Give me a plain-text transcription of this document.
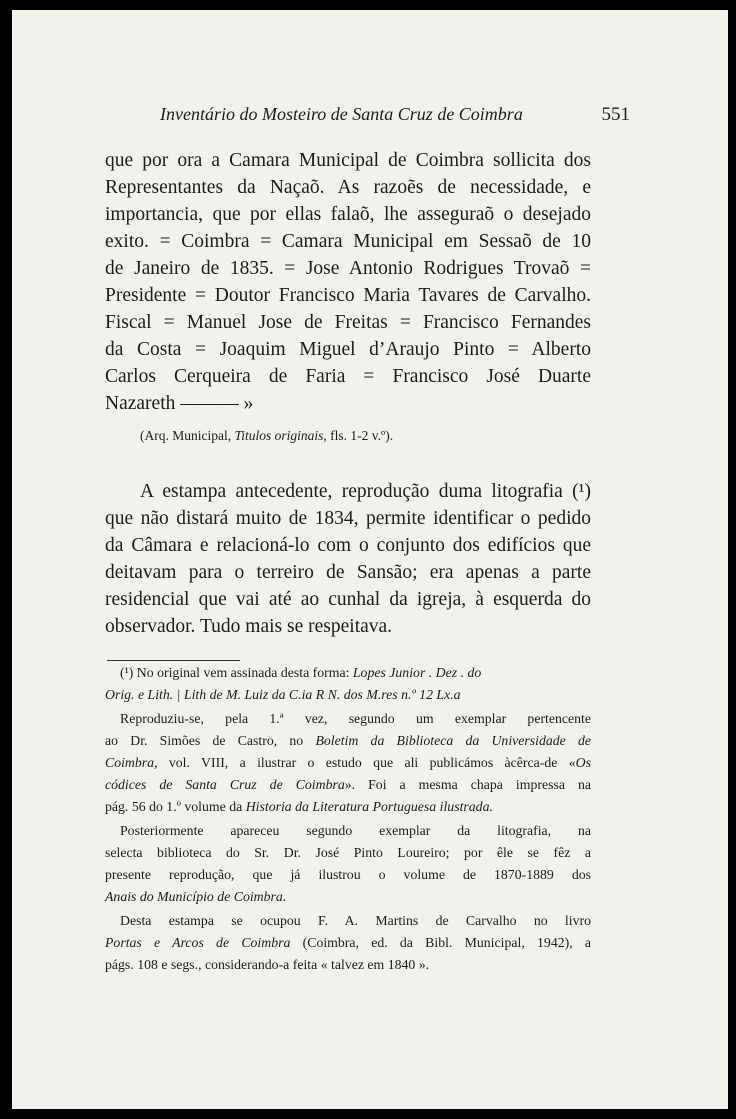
Inventário do Mosteiro de Santa Cruz de Coimbra	551
que por ora a Camara Municipal de Coimbra sollicita dos
Representantes da Naçaõ. As razoẽs de necessidade, e
importancia, que por ellas falaõ, lhe asseguraõ o desejado
exito. = Coimbra = Camara Municipal em Sessaõ de 10
de Janeiro de 1835. = Jose Antonio Rodrigues Trovaõ =
Presidente = Doutor Francisco Maria Tavares de Carvalho.
Fiscal = Manuel Jose de Freitas = Francisco Fernandes
da Costa = Joaquim Miguel d’Araujo Pinto = Alberto
Carlos Cerqueira de Faria = Francisco José Duarte
Nazareth ——— »
(Arq. Municipal, Titulos originais, fls. 1-2 v.º).
A estampa antecedente, reprodução duma litografia (¹)
que não distará muito de 1834, permite identificar o pedido
da Câmara e relacioná-lo com o conjunto dos edifícios que
deitavam para o terreiro de Sansão; era apenas a parte
residencial que vai até ao cunhal da igreja, à esquerda do
observador. Tudo mais se respeitava.
(¹) No original vem assinada desta forma: Lopes Junior . Dez . do
Orig. e Lith. | Lith de M. Luiz da C.ia R N. dos M.res n.º 12 Lx.a
Reproduziu-se, pela 1.ª vez, segundo um exemplar pertencente
ao Dr. Simões de Castro, no Boletim da Biblioteca da Universidade de
Coimbra, vol. VIII, a ilustrar o estudo que ali publicámos àcêrca-de «Os
códices de Santa Cruz de Coimbra». Foi a mesma chapa impressa na
pág. 56 do 1.º volume da Historia da Literatura Portuguesa ilustrada.
Posteriormente apareceu segundo exemplar da litografia, na
selecta biblioteca do Sr. Dr. José Pinto Loureiro; por êle se fêz a
presente reprodução, que já ilustrou o volume de 1870-1889 dos
Anais do Município de Coimbra.
Desta estampa se ocupou F. A. Martins de Carvalho no livro
Portas e Arcos de Coimbra (Coimbra, ed. da Bibl. Municipal, 1942), a
págs. 108 e segs., considerando-a feita « talvez em 1840 ».
